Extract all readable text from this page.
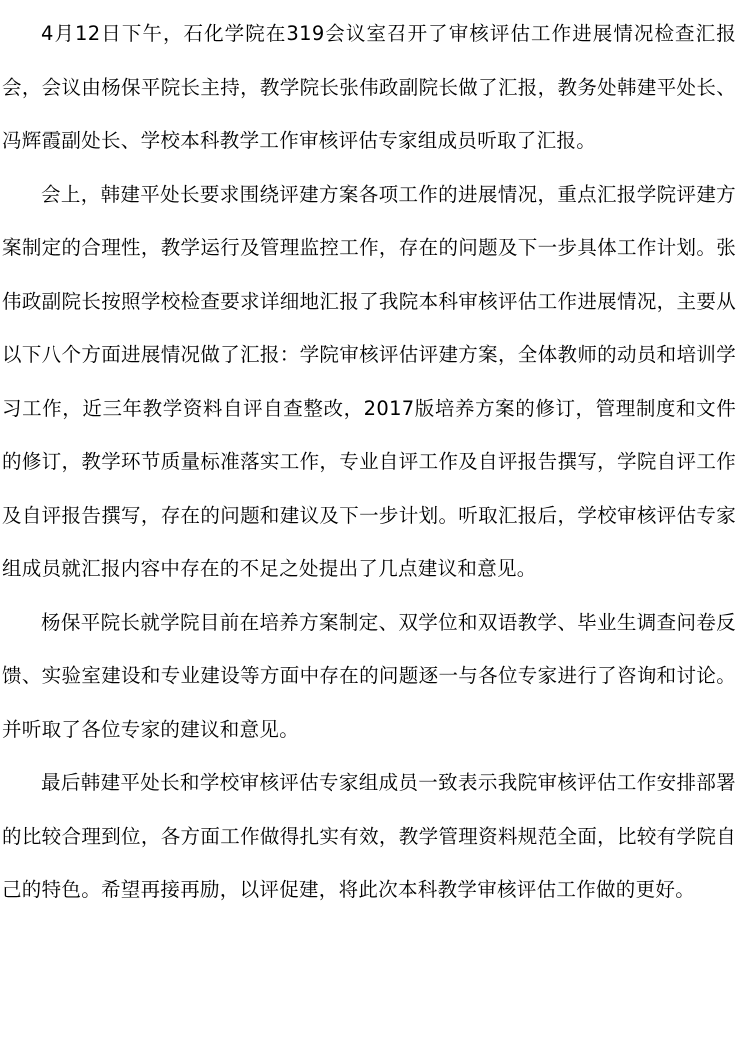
4月12日下午，石化学院在319会议室召开了审核评估工作进展情况检查汇报会，会议由杨保平院长主持，教学院长张伟政副院长做了汇报，教务处韩建平处长、冯辉霞副处长、学校本科教学工作审核评估专家组成员听取了汇报。

会上，韩建平处长要求围绕评建方案各项工作的进展情况，重点汇报学院评建方案制定的合理性，教学运行及管理监控工作，存在的问题及下一步具体工作计划。张伟政副院长按照学校检查要求详细地汇报了我院本科审核评估工作进展情况，主要从以下八个方面进展情况做了汇报：学院审核评估评建方案，全体教师的动员和培训学习工作，近三年教学资料自评自查整改，2017版培养方案的修订，管理制度和文件的修订，教学环节质量标准落实工作，专业自评工作及自评报告撰写，学院自评工作及自评报告撰写，存在的问题和建议及下一步计划。听取汇报后，学校审核评估专家组成员就汇报内容中存在的不足之处提出了几点建议和意见。

杨保平院长就学院目前在培养方案制定、双学位和双语教学、毕业生调查问卷反馈、实验室建设和专业建设等方面中存在的问题逐一与各位专家进行了咨询和讨论。并听取了各位专家的建议和意见。

最后韩建平处长和学校审核评估专家组成员一致表示我院审核评估工作安排部署的比较合理到位，各方面工作做得扎实有效，教学管理资料规范全面，比较有学院自己的特色。希望再接再励，以评促建，将此次本科教学审核评估工作做的更好。
